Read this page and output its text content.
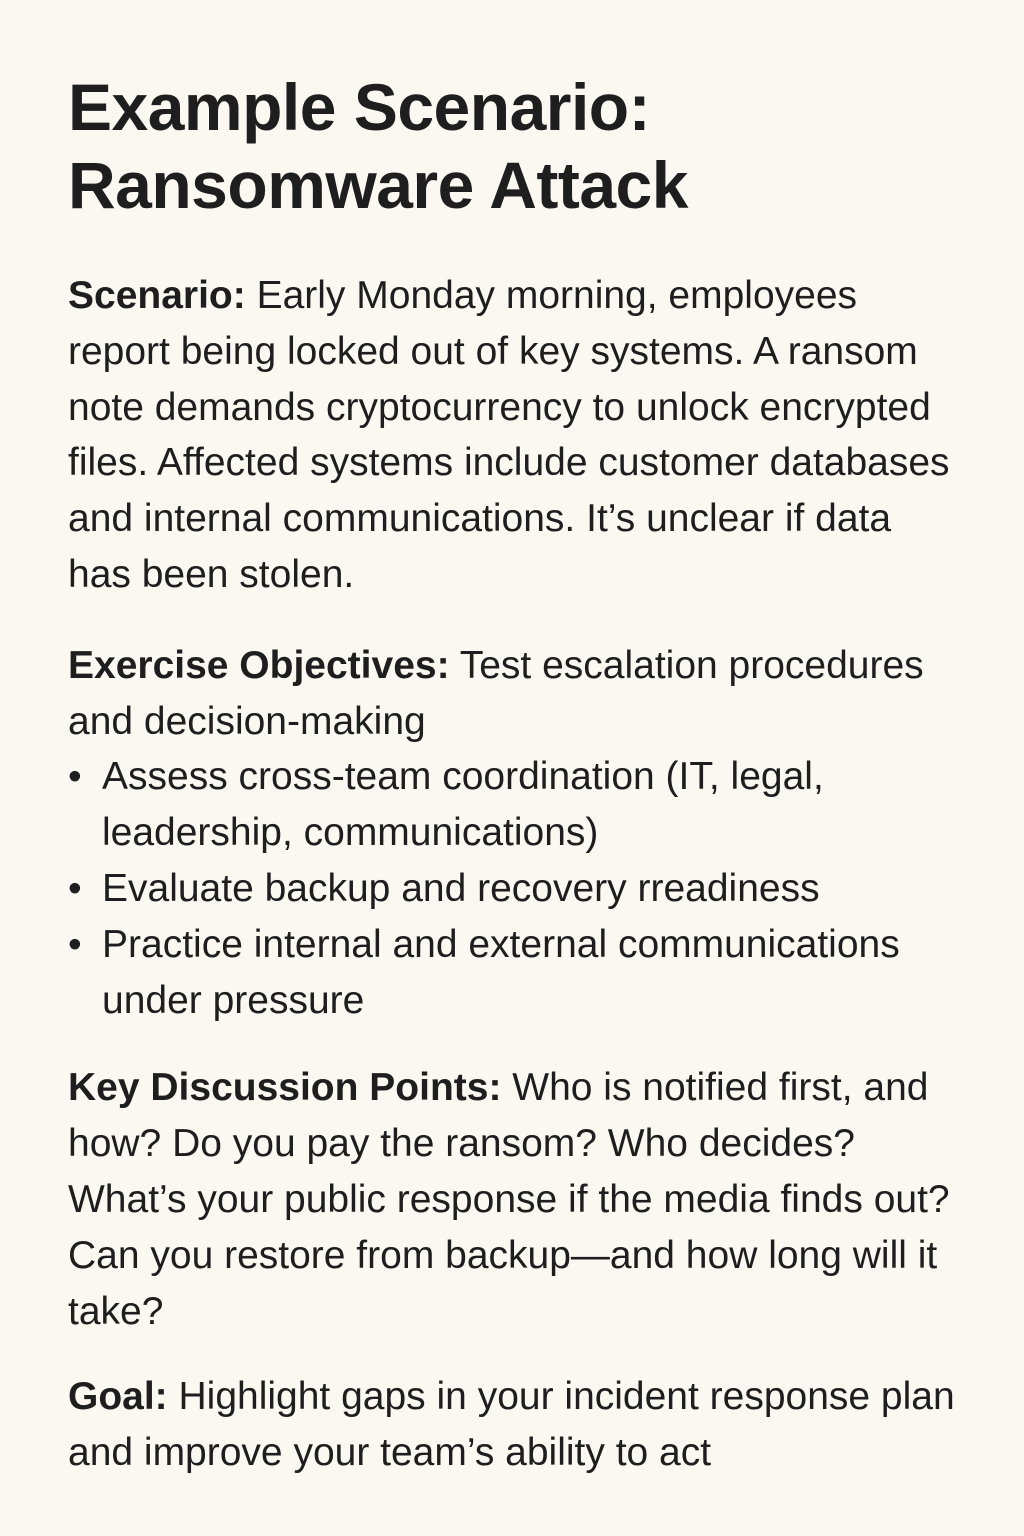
Example Scenario:
Ransomware Attack

Scenario: Early Monday morning, employees report being locked out of key systems. A ransom note demands cryptocurrency to unlock encrypted files. Affected systems include customer databases and internal communications. It’s unclear if data has been stolen.

Exercise Objectives: Test escalation procedures and decision-making

• Assess cross-team coordination (IT, legal, leadership, communications)
• Evaluate backup and recovery rreadiness
• Practice internal and external communications under pressure

Key Discussion Points: Who is notified first, and how? Do you pay the ransom? Who decides? What’s your public response if the media finds out? Can you restore from backup—and how long will it take?

Goal: Highlight gaps in your incident response plan and improve your team’s ability to act
